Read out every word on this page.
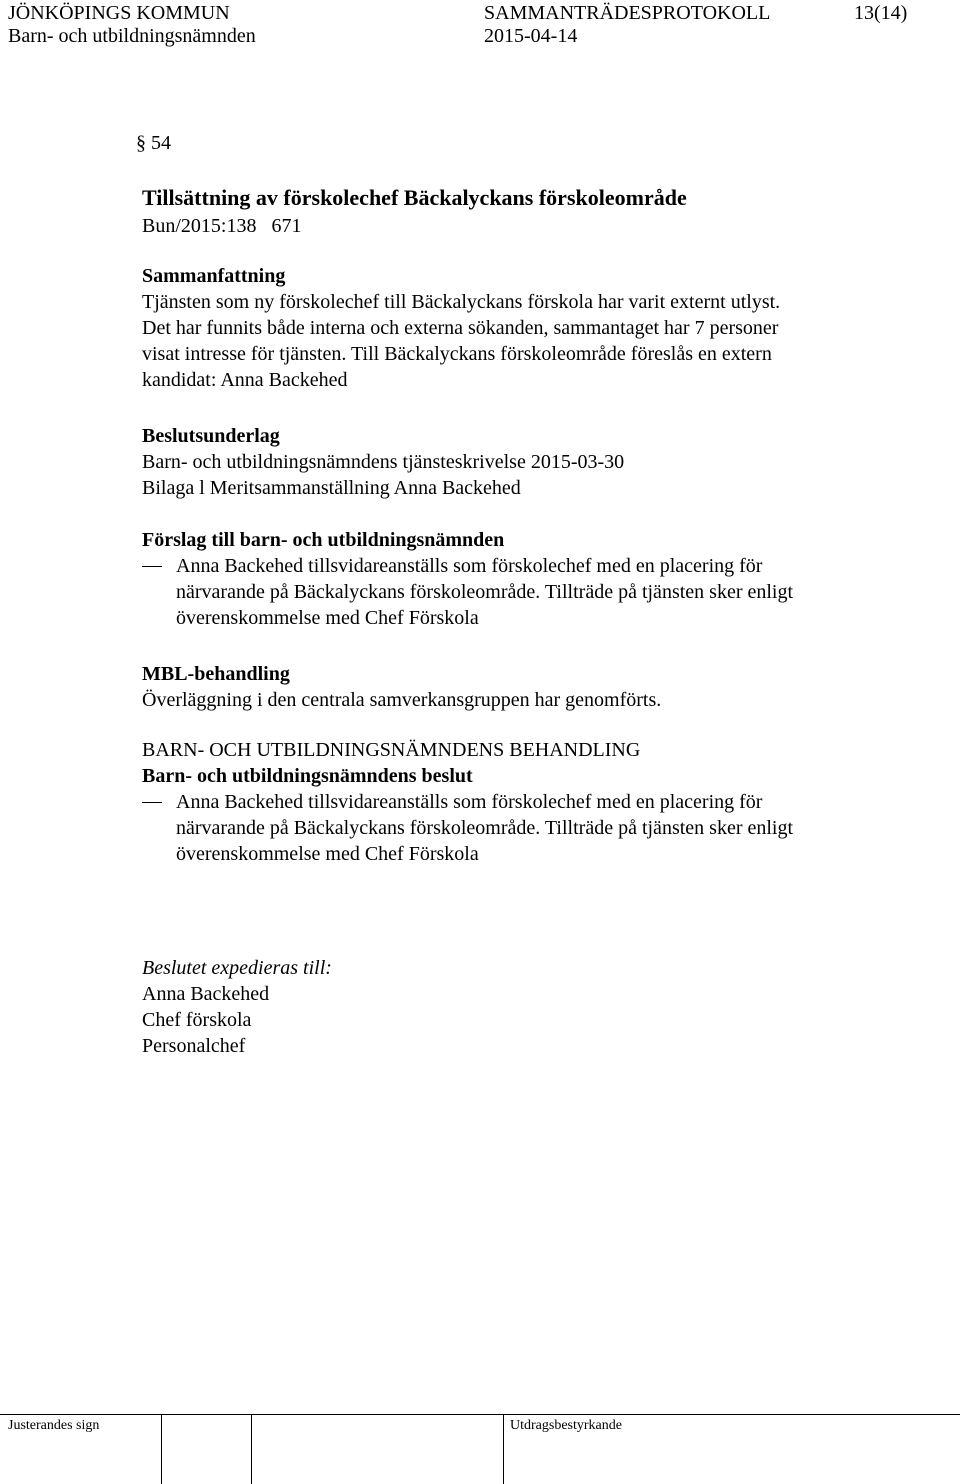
JÖNKÖPINGS KOMMUN	SAMMANTRÄDESPROTOKOLL	13(14)
Barn- och utbildningsnämnden	2015-04-14
§ 54
Tillsättning av förskolechef Bäckalyckans förskoleområde
Bun/2015:138   671
Sammanfattning
Tjänsten som ny förskolechef till Bäckalyckans förskola har varit externt utlyst.
Det har funnits både interna och externa sökanden, sammantaget har 7 personer
visat intresse för tjänsten. Till Bäckalyckans förskoleområde föreslås en extern
kandidat: Anna Backehed
Beslutsunderlag
Barn- och utbildningsnämndens tjänsteskrivelse 2015-03-30
Bilaga l Meritsammanställning Anna Backehed
Förslag till barn- och utbildningsnämnden
Anna Backehed tillsvidareanställs som förskolechef med en placering för
närvarande på Bäckalyckans förskoleområde. Tillträde på tjänsten sker enligt
överenskommelse med Chef Förskola
MBL-behandling
Överläggning i den centrala samverkansgruppen har genomförts.
BARN- OCH UTBILDNINGSNÄMNDENS BEHANDLING
Barn- och utbildningsnämndens beslut
Anna Backehed tillsvidareanställs som förskolechef med en placering för
närvarande på Bäckalyckans förskoleområde. Tillträde på tjänsten sker enligt
överenskommelse med Chef Förskola
Beslutet expedieras till:
Anna Backehed
Chef förskola
Personalchef
Justerandes sign	Utdragsbestyrkande
